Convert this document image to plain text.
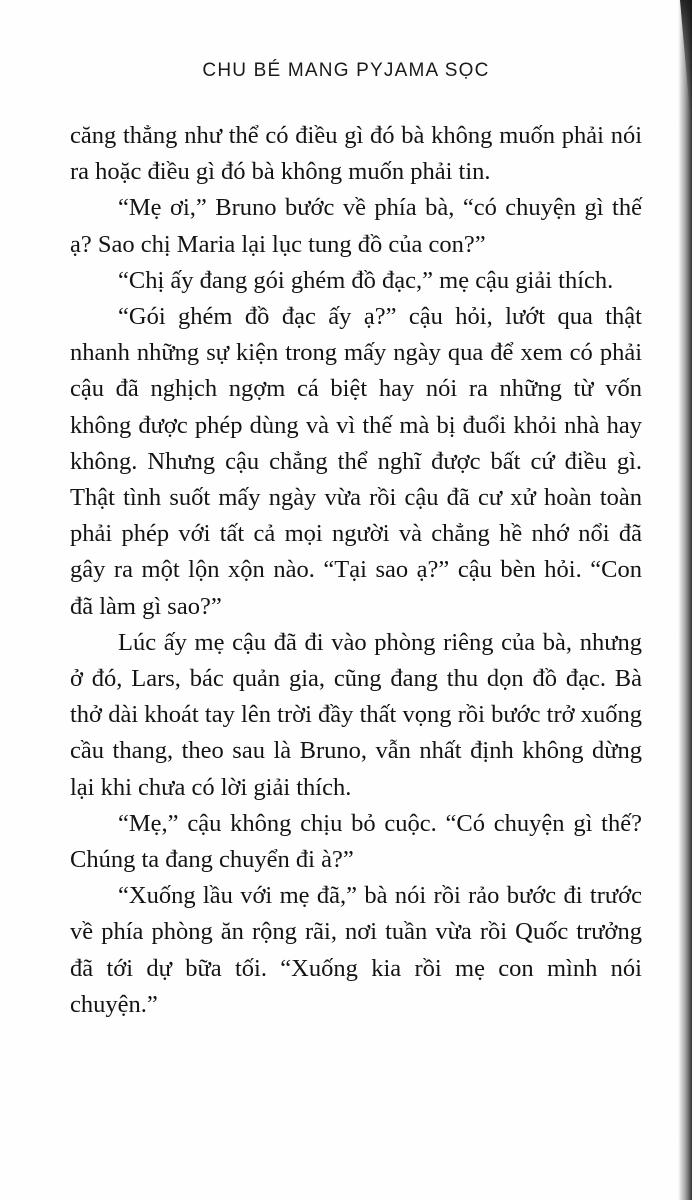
CHU BÉ MANG PYJAMA SỌC

căng thẳng như thể có điều gì đó bà không muốn phải nói ra hoặc điều gì đó bà không muốn phải tin.

“Mẹ ơi,” Bruno bước về phía bà, “có chuyện gì thế ạ? Sao chị Maria lại lục tung đồ của con?”

“Chị ấy đang gói ghém đồ đạc,” mẹ cậu giải thích.

“Gói ghém đồ đạc ấy ạ?” cậu hỏi, lướt qua thật nhanh những sự kiện trong mấy ngày qua để xem có phải cậu đã nghịch ngợm cá biệt hay nói ra những từ vốn không được phép dùng và vì thế mà bị đuổi khỏi nhà hay không. Nhưng cậu chẳng thể nghĩ được bất cứ điều gì. Thật tình suốt mấy ngày vừa rồi cậu đã cư xử hoàn toàn phải phép với tất cả mọi người và chẳng hề nhớ nổi đã gây ra một lộn xộn nào. “Tại sao ạ?” cậu bèn hỏi. “Con đã làm gì sao?”

Lúc ấy mẹ cậu đã đi vào phòng riêng của bà, nhưng ở đó, Lars, bác quản gia, cũng đang thu dọn đồ đạc. Bà thở dài khoát tay lên trời đầy thất vọng rồi bước trở xuống cầu thang, theo sau là Bruno, vẫn nhất định không dừng lại khi chưa có lời giải thích.

“Mẹ,” cậu không chịu bỏ cuộc. “Có chuyện gì thế? Chúng ta đang chuyển đi à?”

“Xuống lầu với mẹ đã,” bà nói rồi rảo bước đi trước về phía phòng ăn rộng rãi, nơi tuần vừa rồi Quốc trưởng đã tới dự bữa tối. “Xuống kia rồi mẹ con mình nói chuyện.”
